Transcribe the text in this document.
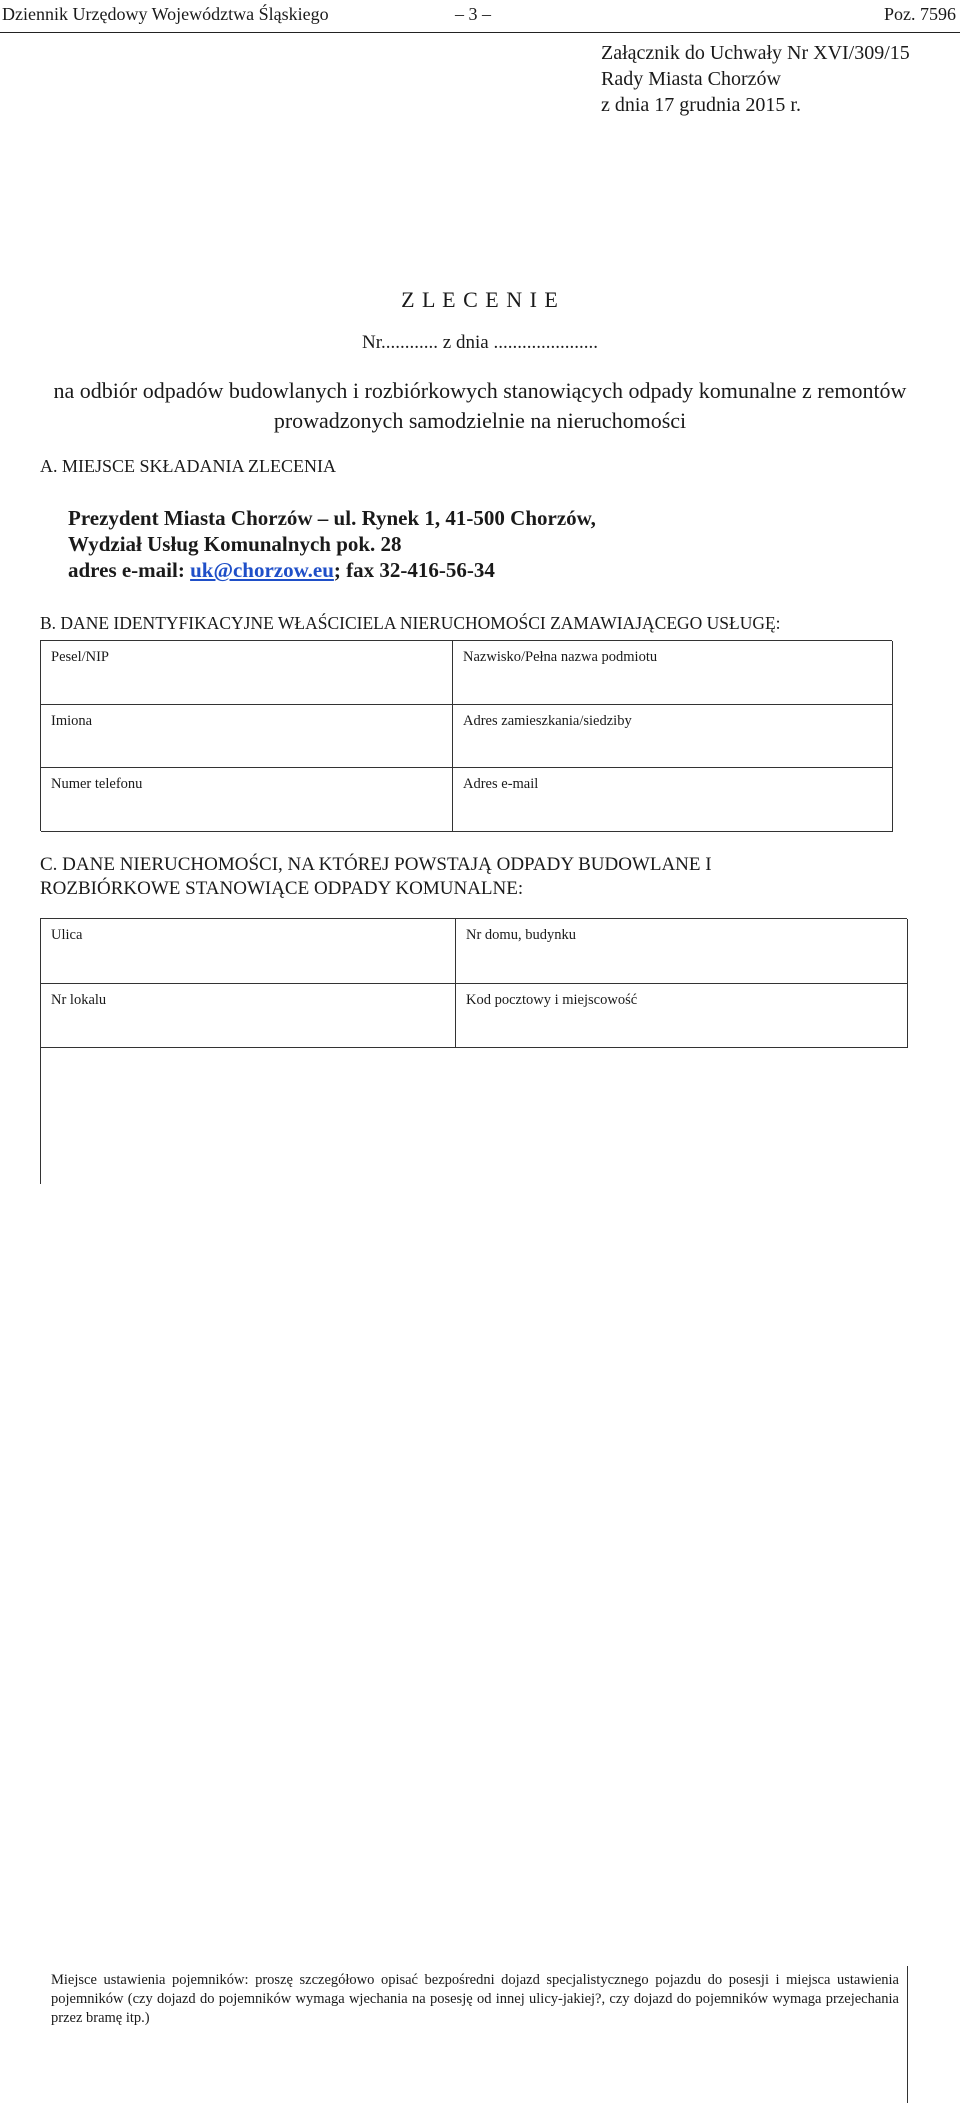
Dziennik Urzędowy Województwa Śląskiego	– 3 –	Poz. 7596
Załącznik do Uchwały Nr XVI/309/15
Rady Miasta Chorzów
z dnia 17 grudnia 2015 r.
Z L E C E N I E
Nr............ z dnia ......................
na odbiór odpadów budowlanych i rozbiórkowych stanowiących odpady komunalne z remontów prowadzonych samodzielnie na nieruchomości
A. MIEJSCE SKŁADANIA ZLECENIA
Prezydent Miasta Chorzów – ul. Rynek 1, 41-500 Chorzów,
Wydział Usług Komunalnych pok. 28
adres e-mail: uk@chorzow.eu; fax 32-416-56-34
B. DANE IDENTYFIKACYJNE WŁAŚCICIELA NIERUCHOMOŚCI ZAMAWIAJĄCEGO USŁUGĘ:
Pesel/NIP	Nazwisko/Pełna nazwa podmiotu
Imiona	Adres zamieszkania/siedziby
Numer telefonu	Adres e-mail
C. DANE NIERUCHOMOŚCI, NA KTÓREJ POWSTAJĄ ODPADY BUDOWLANE I
ROZBIÓRKOWE STANOWIĄCE ODPADY KOMUNALNE:
Ulica	Nr domu, budynku
Nr lokalu	Kod pocztowy i miejscowość

Miejsce ustawienia pojemników: proszę szczegółowo opisać bezpośredni dojazd specjalistycznego pojazdu do posesji i miejsca ustawienia pojemników (czy dojazd do pojemników wymaga wjechania na posesję od innej ulicy-jakiej?, czy dojazd do pojemników wymaga przejechania przez bramę itp.)
